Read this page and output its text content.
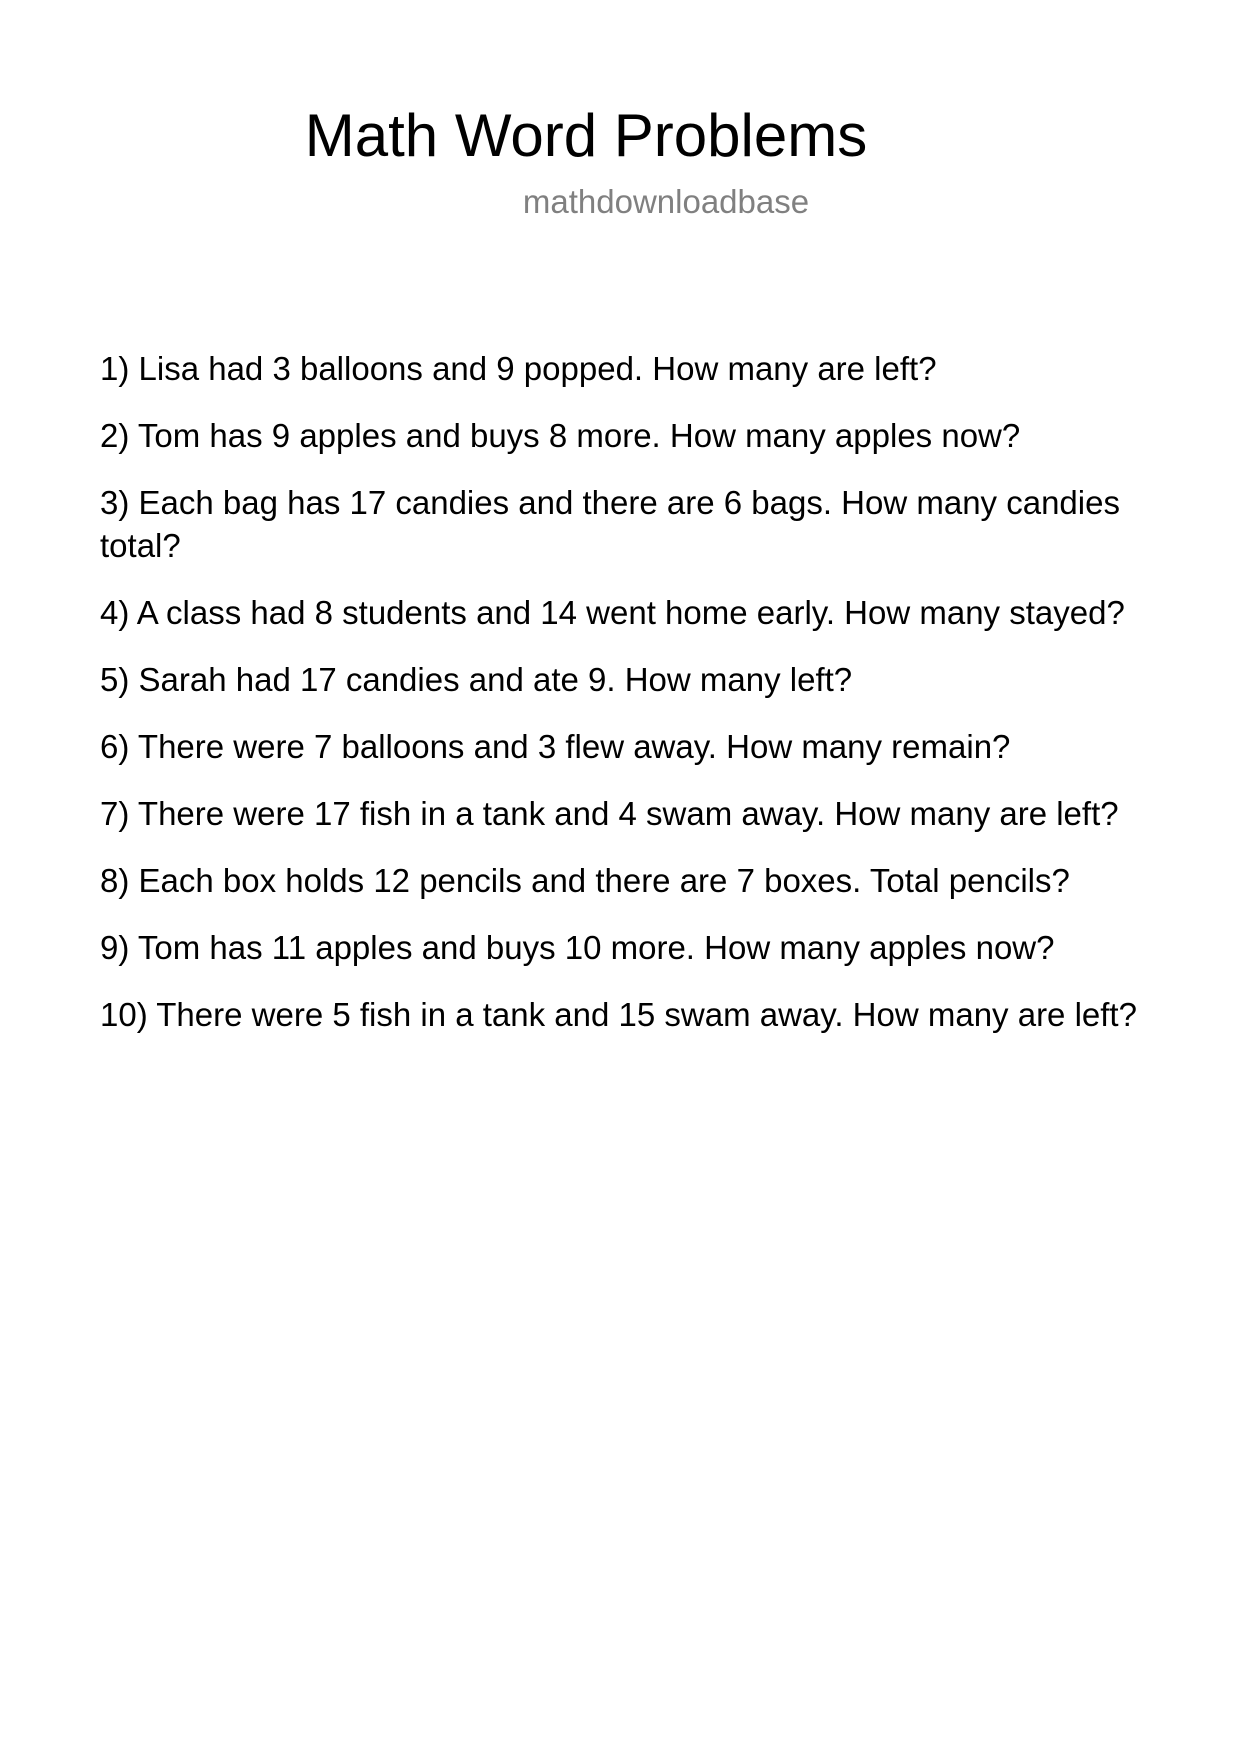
Math Word Problems
mathdownloadbase
1) Lisa had 3 balloons and 9 popped. How many are left?
2) Tom has 9 apples and buys 8 more. How many apples now?
3) Each bag has 17 candies and there are 6 bags. How many candies total?
4) A class had 8 students and 14 went home early. How many stayed?
5) Sarah had 17 candies and ate 9. How many left?
6) There were 7 balloons and 3 flew away. How many remain?
7) There were 17 fish in a tank and 4 swam away. How many are left?
8) Each box holds 12 pencils and there are 7 boxes. Total pencils?
9) Tom has 11 apples and buys 10 more. How many apples now?
10) There were 5 fish in a tank and 15 swam away. How many are left?
